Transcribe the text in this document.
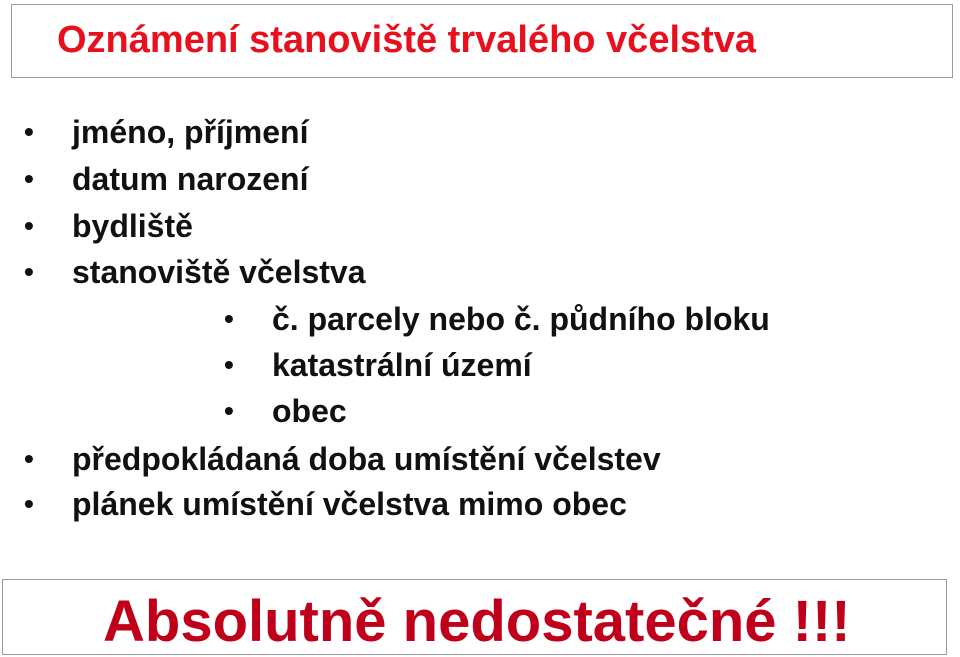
Oznámení stanoviště trvalého včelstva
• jméno, příjmení
• datum narození
• bydliště
• stanoviště včelstva
• č. parcely nebo č. půdního bloku
• katastrální území
• obec
• předpokládaná doba umístění včelstev
• plánek umístění včelstva mimo obec
Absolutně nedostatečné !!!
